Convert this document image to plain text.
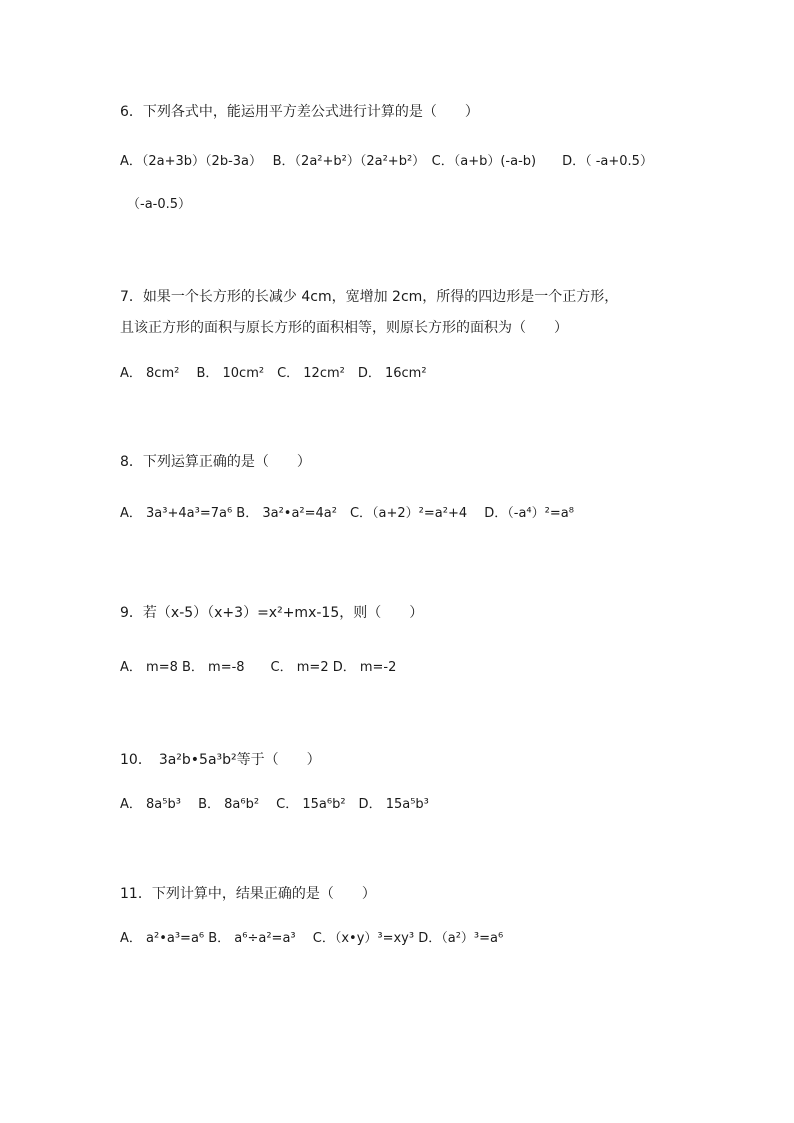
6．下列各式中，能运用平方差公式进行计算的是（　　）
A．（2a+3b）（2b-3a）　 B．（2a²+b²）（2a²+b²）　C．（a+b）(-a-b)　　D．（ -a+0.5）
（-a-0.5）
7．如果一个长方形的长减少 4cm，宽增加 2cm，所得的四边形是一个正方形，
且该正方形的面积与原长方形的面积相等，则原长方形的面积为（　　）
A． 8cm²　 B． 10cm²　C． 12cm²　D． 16cm²
8．下列运算正确的是（　　）
A． 3a³+4a³=7a⁶ B． 3a²•a²=4a²　C．（a+2）²=a²+4　 D．（-a⁴）²=a⁸
9．若（x-5）（x+3）=x²+mx-15，则（　　）
A． m=8 B． m=-8　　C． m=2 D． m=-2
10．　3a²b•5a³b²等于（　　）
A． 8a⁵b³　 B． 8a⁶b²　 C． 15a⁶b²　D． 15a⁵b³
11．下列计算中，结果正确的是（　　）
A． a²•a³=a⁶ B． a⁶÷a²=a³　 C．（x•y）³=xy³ D．（a²）³=a⁶
